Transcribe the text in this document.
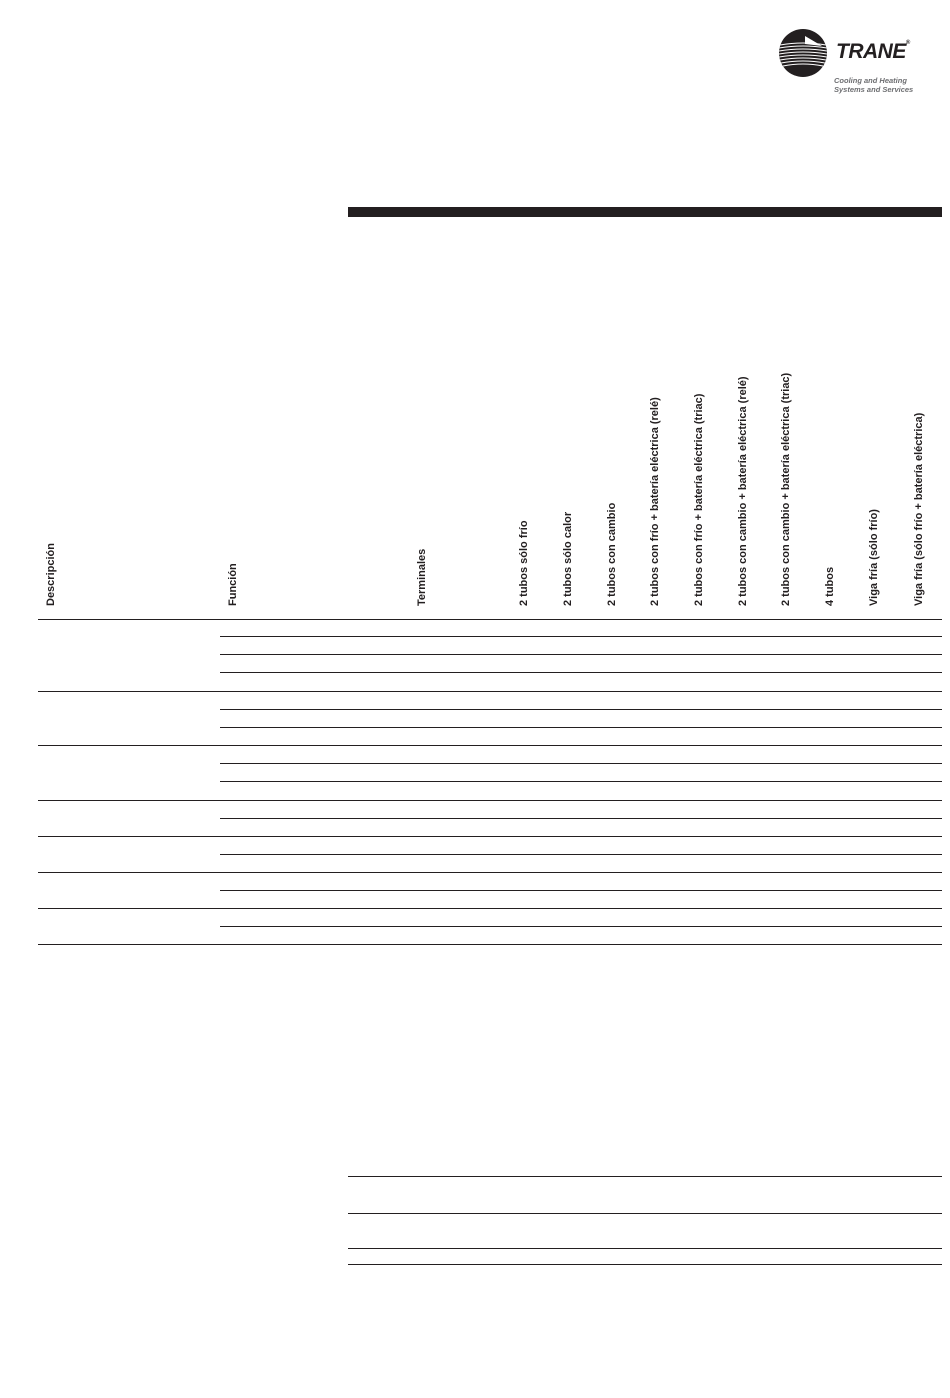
TRANE®
Cooling and Heating
Systems and Services
Descripción	Función	Terminales	2 tubos sólo frío	2 tubos sólo calor	2 tubos con cambio	2 tubos con frío + batería eléctrica (relé)	2 tubos con frío + batería eléctrica (triac)	2 tubos con cambio + batería eléctrica (relé)	2 tubos con cambio + batería eléctrica (triac)	4 tubos	Viga fría (sólo frío)	Viga fría (sólo frío + batería eléctrica)
